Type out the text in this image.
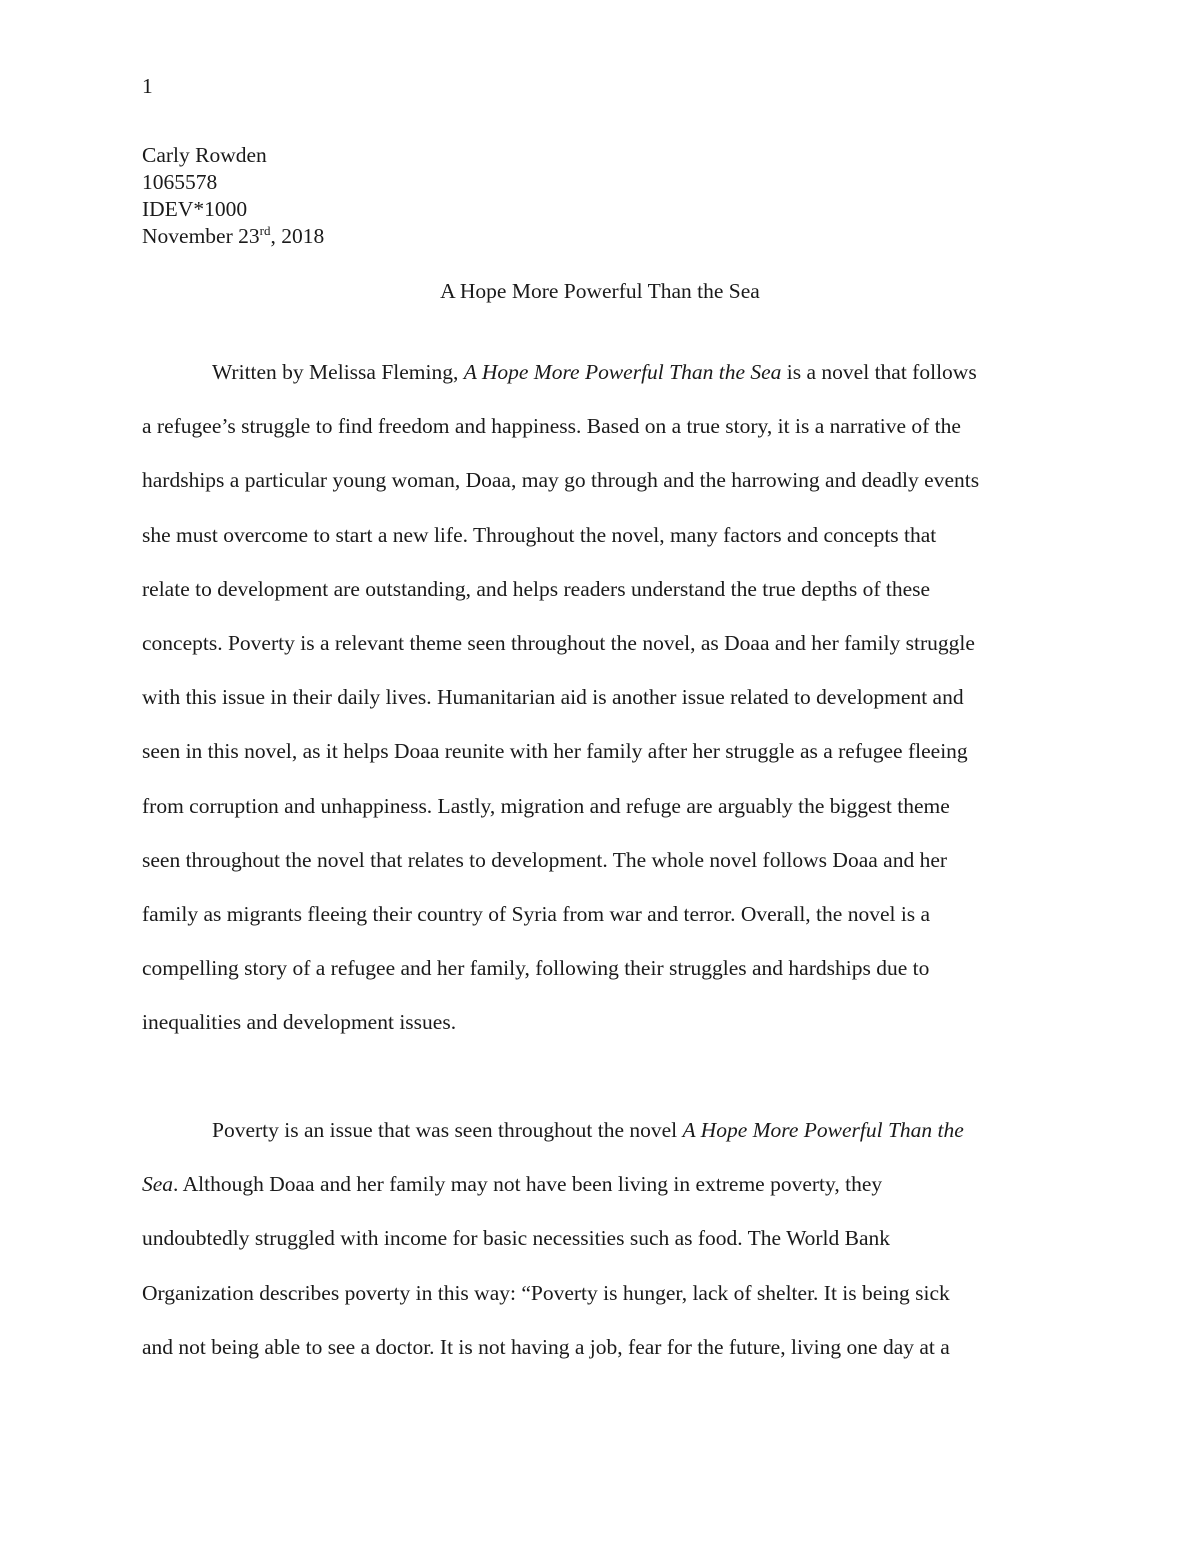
1
Carly Rowden
1065578
IDEV*1000
November 23rd, 2018
A Hope More Powerful Than the Sea
Written by Melissa Fleming, A Hope More Powerful Than the Sea is a novel that follows
a refugee’s struggle to find freedom and happiness. Based on a true story, it is a narrative of the
hardships a particular young woman, Doaa, may go through and the harrowing and deadly events
she must overcome to start a new life. Throughout the novel, many factors and concepts that
relate to development are outstanding, and helps readers understand the true depths of these
concepts. Poverty is a relevant theme seen throughout the novel, as Doaa and her family struggle
with this issue in their daily lives. Humanitarian aid is another issue related to development and
seen in this novel, as it helps Doaa reunite with her family after her struggle as a refugee fleeing
from corruption and unhappiness. Lastly, migration and refuge are arguably the biggest theme
seen throughout the novel that relates to development. The whole novel follows Doaa and her
family as migrants fleeing their country of Syria from war and terror. Overall, the novel is a
compelling story of a refugee and her family, following their struggles and hardships due to
inequalities and development issues.
Poverty is an issue that was seen throughout the novel A Hope More Powerful Than the
Sea. Although Doaa and her family may not have been living in extreme poverty, they
undoubtedly struggled with income for basic necessities such as food. The World Bank
Organization describes poverty in this way: “Poverty is hunger, lack of shelter. It is being sick
and not being able to see a doctor. It is not having a job, fear for the future, living one day at a
